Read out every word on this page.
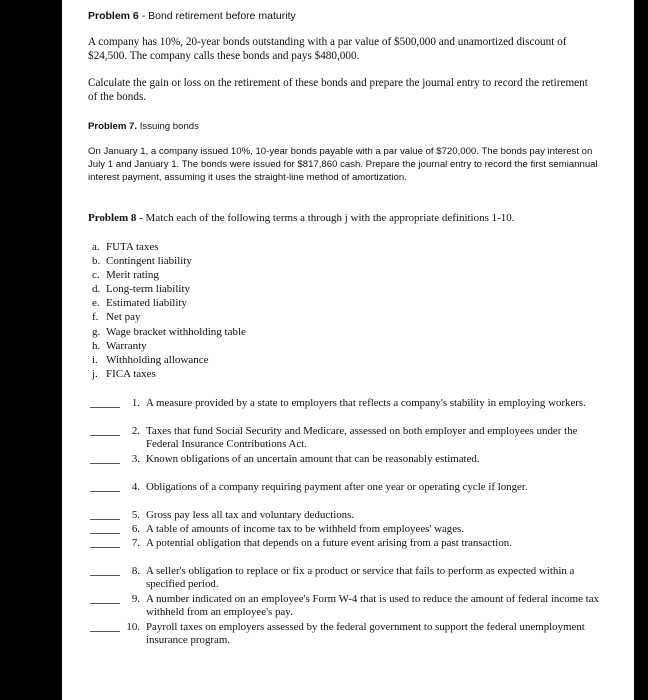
Problem 6 - Bond retirement before maturity
A company has 10%, 20-year bonds outstanding with a par value of $500,000 and unamortized discount of $24,500. The company calls these bonds and pays $480,000.
Calculate the gain or loss on the retirement of these bonds and prepare the journal entry to record the retirement of the bonds.
Problem 7. Issuing bonds
On January 1, a company issued 10%, 10-year bonds payable with a par value of $720,000. The bonds pay interest on July 1 and January 1. The bonds were issued for $817,860 cash. Prepare the journal entry to record the first semiannual interest payment, assuming it uses the straight-line method of amortization.
Problem 8 - Match each of the following terms a through j with the appropriate definitions 1-10.
a. FUTA taxes
b. Contingent liability
c. Merit rating
d. Long-term liability
e. Estimated liability
f. Net pay
g. Wage bracket withholding table
h. Warranty
i. Withholding allowance
j. FICA taxes
1. A measure provided by a state to employers that reflects a company's stability in employing workers.
2. Taxes that fund Social Security and Medicare, assessed on both employer and employees under the Federal Insurance Contributions Act.
3. Known obligations of an uncertain amount that can be reasonably estimated.
4. Obligations of a company requiring payment after one year or operating cycle if longer.
5. Gross pay less all tax and voluntary deductions.
6. A table of amounts of income tax to be withheld from employees' wages.
7. A potential obligation that depends on a future event arising from a past transaction.
8. A seller's obligation to replace or fix a product or service that fails to perform as expected within a specified period.
9. A number indicated on an employee's Form W-4 that is used to reduce the amount of federal income tax withheld from an employee's pay.
10. Payroll taxes on employers assessed by the federal government to support the federal unemployment insurance program.
